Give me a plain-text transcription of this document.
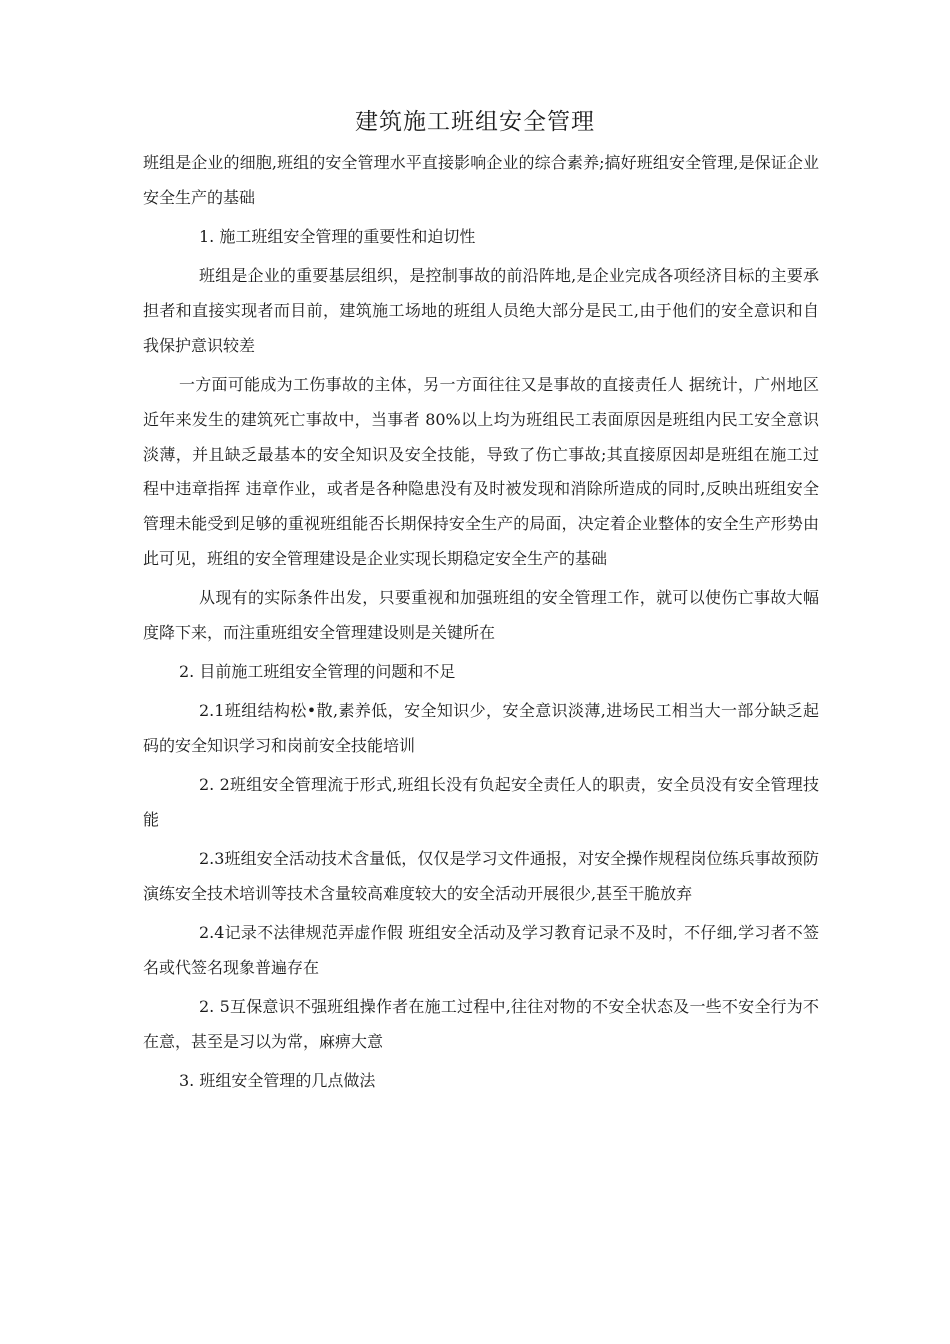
建筑施工班组安全管理

班组是企业的细胞,班组的安全管理水平直接影响企业的综合素养;搞好班组安全管理,是保证企业安全生产的基础

1. 施工班组安全管理的重要性和迫切性

班组是企业的重要基层组织，是控制事故的前沿阵地,是企业完成各项经济目标的主要承担者和直接实现者而目前，建筑施工场地的班组人员绝大部分是民工,由于他们的安全意识和自我保护意识较差

一方面可能成为工伤事故的主体，另一方面往往又是事故的直接责任人 据统计，广州地区近年来发生的建筑死亡事故中，当事者 80%以上均为班组民工表面原因是班组内民工安全意识淡薄，并且缺乏最基本的安全知识及安全技能，导致了伤亡事故;其直接原因却是班组在施工过程中违章指挥 违章作业，或者是各种隐患没有及时被发现和消除所造成的同时,反映出班组安全管理未能受到足够的重视班组能否长期保持安全生产的局面，决定着企业整体的安全生产形势由此可见，班组的安全管理建设是企业实现长期稳定安全生产的基础

从现有的实际条件出发，只要重视和加强班组的安全管理工作，就可以使伤亡事故大幅度降下来，而注重班组安全管理建设则是关键所在

2. 目前施工班组安全管理的问题和不足

2.1班组结构松•散,素养低，安全知识少，安全意识淡薄,进场民工相当大一部分缺乏起码的安全知识学习和岗前安全技能培训

2. 2班组安全管理流于形式,班组长没有负起安全责任人的职责，安全员没有安全管理技能

2.3班组安全活动技术含量低，仅仅是学习文件通报，对安全操作规程岗位练兵事故预防演练安全技术培训等技术含量较高难度较大的安全活动开展很少,甚至干脆放弃

2.4记录不法律规范弄虚作假 班组安全活动及学习教育记录不及时，不仔细,学习者不签名或代签名现象普遍存在

2. 5互保意识不强班组操作者在施工过程中,往往对物的不安全状态及一些不安全行为不在意，甚至是习以为常，麻痹大意

3. 班组安全管理的几点做法
